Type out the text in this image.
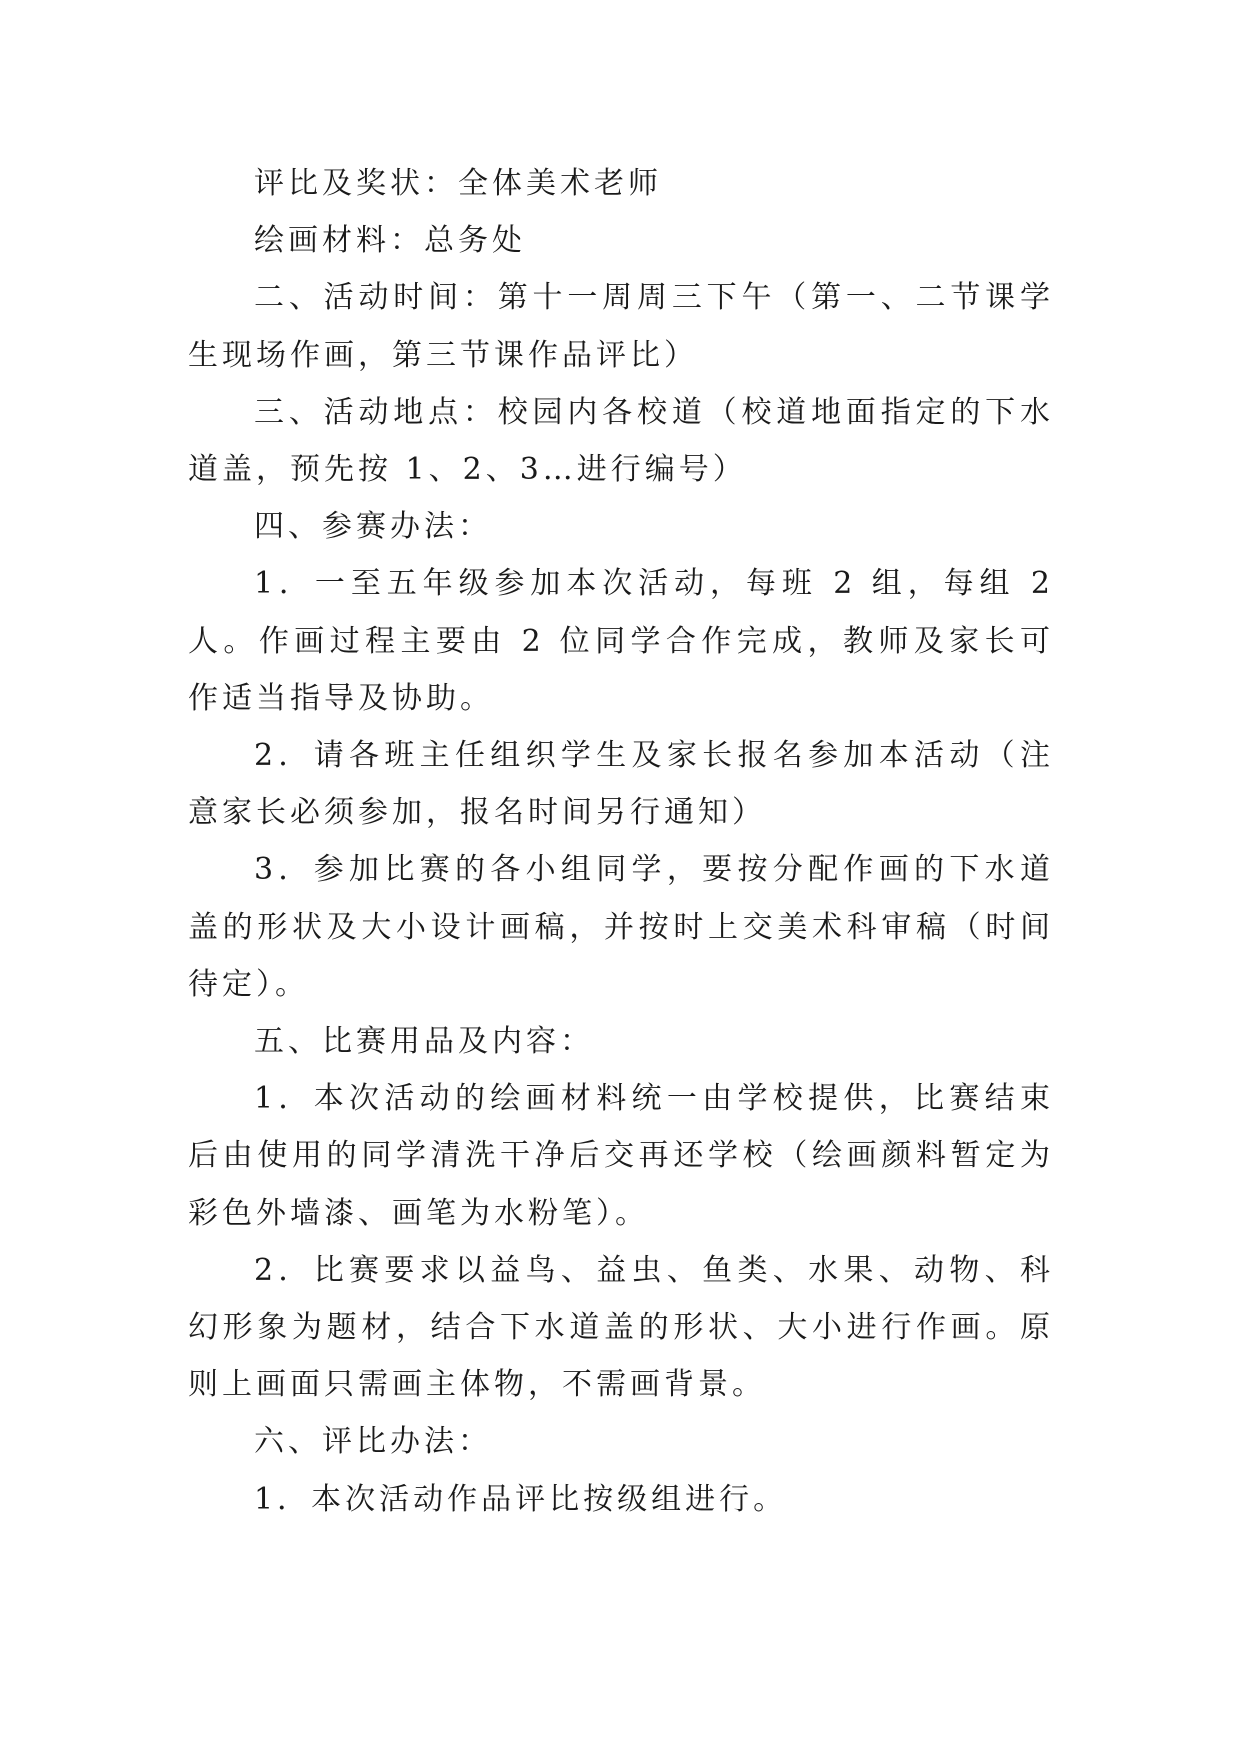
评比及奖状：全体美术老师

绘画材料：总务处

二、活动时间：第十一周周三下午（第一、二节课学生现场作画，第三节课作品评比）

三、活动地点：校园内各校道（校道地面指定的下水道盖，预先按 1、2、3…进行编号）

四、参赛办法：

1．一至五年级参加本次活动，每班 2 组，每组 2 人。作画过程主要由 2 位同学合作完成，教师及家长可作适当指导及协助。

2．请各班主任组织学生及家长报名参加本活动（注意家长必须参加，报名时间另行通知）

3．参加比赛的各小组同学，要按分配作画的下水道盖的形状及大小设计画稿，并按时上交美术科审稿（时间待定）。

五、比赛用品及内容：

1．本次活动的绘画材料统一由学校提供，比赛结束后由使用的同学清洗干净后交再还学校（绘画颜料暂定为彩色外墙漆、画笔为水粉笔）。

2．比赛要求以益鸟、益虫、鱼类、水果、动物、科幻形象为题材，结合下水道盖的形状、大小进行作画。原则上画面只需画主体物，不需画背景。

六、评比办法：

1．本次活动作品评比按级组进行。
